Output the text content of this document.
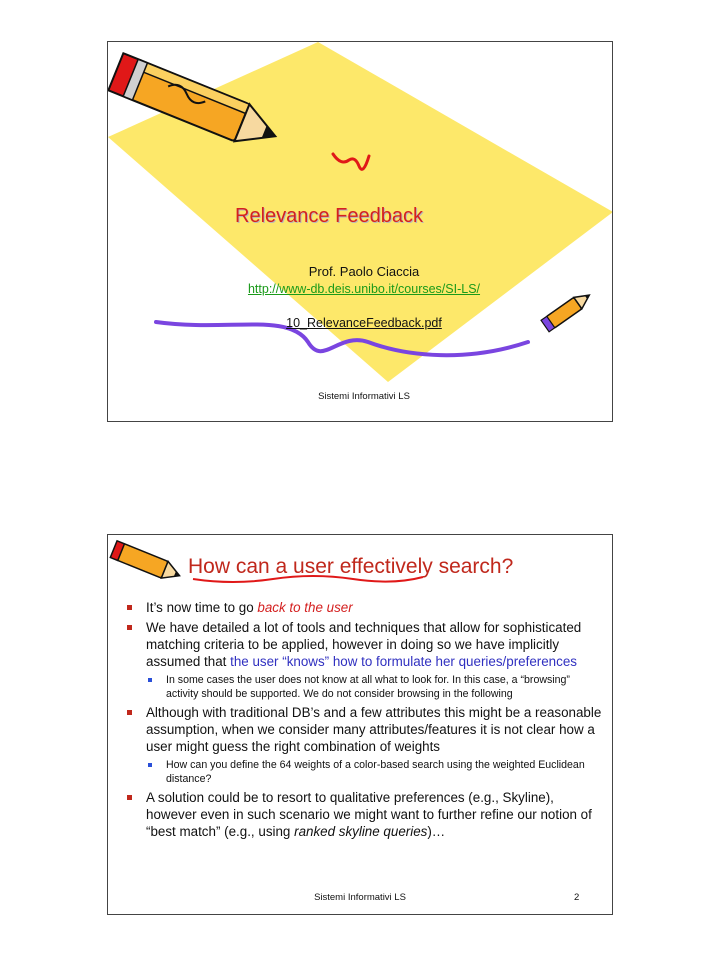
Relevance Feedback
Prof. Paolo Ciaccia
http://www-db.deis.unibo.it/courses/SI-LS/
10_RelevanceFeedback.pdf
Sistemi Informativi LS
How can a user effectively search?
It’s now time to go back to the user
We have detailed a lot of tools and techniques that allow for sophisticated matching criteria to be applied, however in doing so we have implicitly assumed that the user “knows” how to formulate her queries/preferences
In some cases the user does not know at all what to look for. In this case, a “browsing” activity should be supported. We do not consider browsing in the following
Although with traditional DB’s and a few attributes this might be a reasonable assumption, when we consider many attributes/features it is not clear how a user might guess the right combination of weights
How can you define the 64 weights of a color-based search using the weighted Euclidean distance?
A solution could be to resort to qualitative preferences (e.g., Skyline), however even in such scenario we might want to further refine our notion of “best match” (e.g., using ranked skyline queries)…
Sistemi Informativi LS	2
